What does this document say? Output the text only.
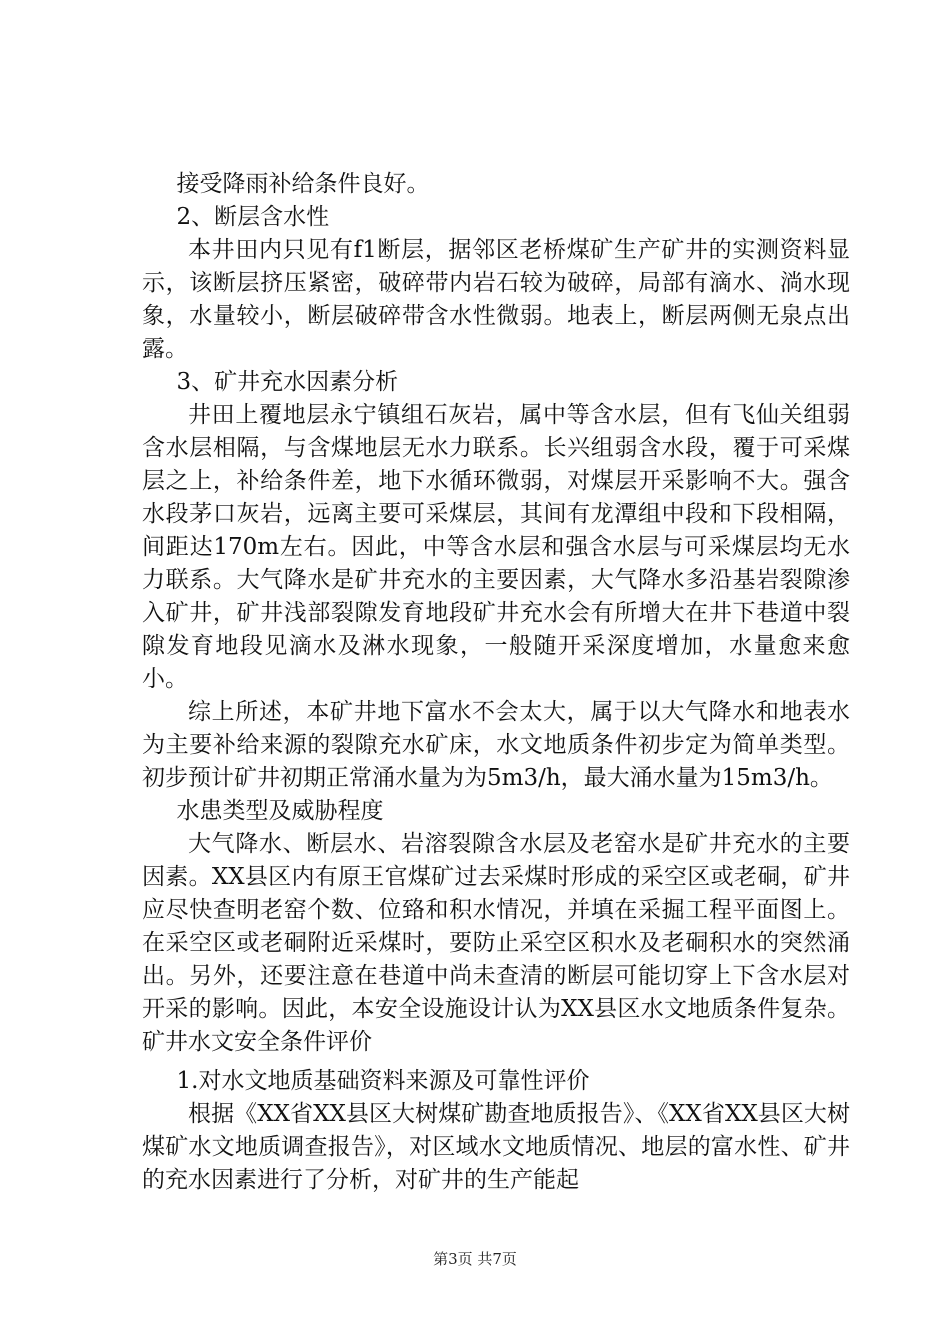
接受降雨补给条件良好。

2、断层含水性

本井田内只见有f1断层，据邻区老桥煤矿生产矿井的实测资料显示，该断层挤压紧密，破碎带内岩石较为破碎，局部有滴水、淌水现象，水量较小，断层破碎带含水性微弱。地表上，断层两侧无泉点出露。

3、矿井充水因素分析

井田上覆地层永宁镇组石灰岩，属中等含水层，但有飞仙关组弱含水层相隔，与含煤地层无水力联系。长兴组弱含水段，覆于可采煤层之上，补给条件差，地下水循环微弱，对煤层开采影响不大。强含水段茅口灰岩，远离主要可采煤层，其间有龙潭组中段和下段相隔，间距达170m左右。因此，中等含水层和强含水层与可采煤层均无水力联系。大气降水是矿井充水的主要因素，大气降水多沿基岩裂隙渗入矿井，矿井浅部裂隙发育地段矿井充水会有所增大在井下巷道中裂隙发育地段见滴水及淋水现象，一般随开采深度增加，水量愈来愈小。

综上所述，本矿井地下富水不会太大，属于以大气降水和地表水为主要补给来源的裂隙充水矿床，水文地质条件初步定为简单类型。初步预计矿井初期正常涌水量为为5m3/h，最大涌水量为15m3/h。

水患类型及威胁程度

大气降水、断层水、岩溶裂隙含水层及老窑水是矿井充水的主要因素。XX县区内有原王官煤矿过去采煤时形成的采空区或老硐，矿井应尽快查明老窑个数、位臵和积水情况，并填在采掘工程平面图上。在采空区或老硐附近采煤时，要防止采空区积水及老硐积水的突然涌出。另外，还要注意在巷道中尚未查清的断层可能切穿上下含水层对开采的影响。因此，本安全设施设计认为XX县区水文地质条件复杂。矿井水文安全条件评价

1.对水文地质基础资料来源及可靠性评价

根据《XX省XX县区大树煤矿勘查地质报告》、《XX省XX县区大树煤矿水文地质调查报告》，对区域水文地质情况、地层的富水性、矿井的充水因素进行了分析，对矿井的生产能起

第3页 共7页
